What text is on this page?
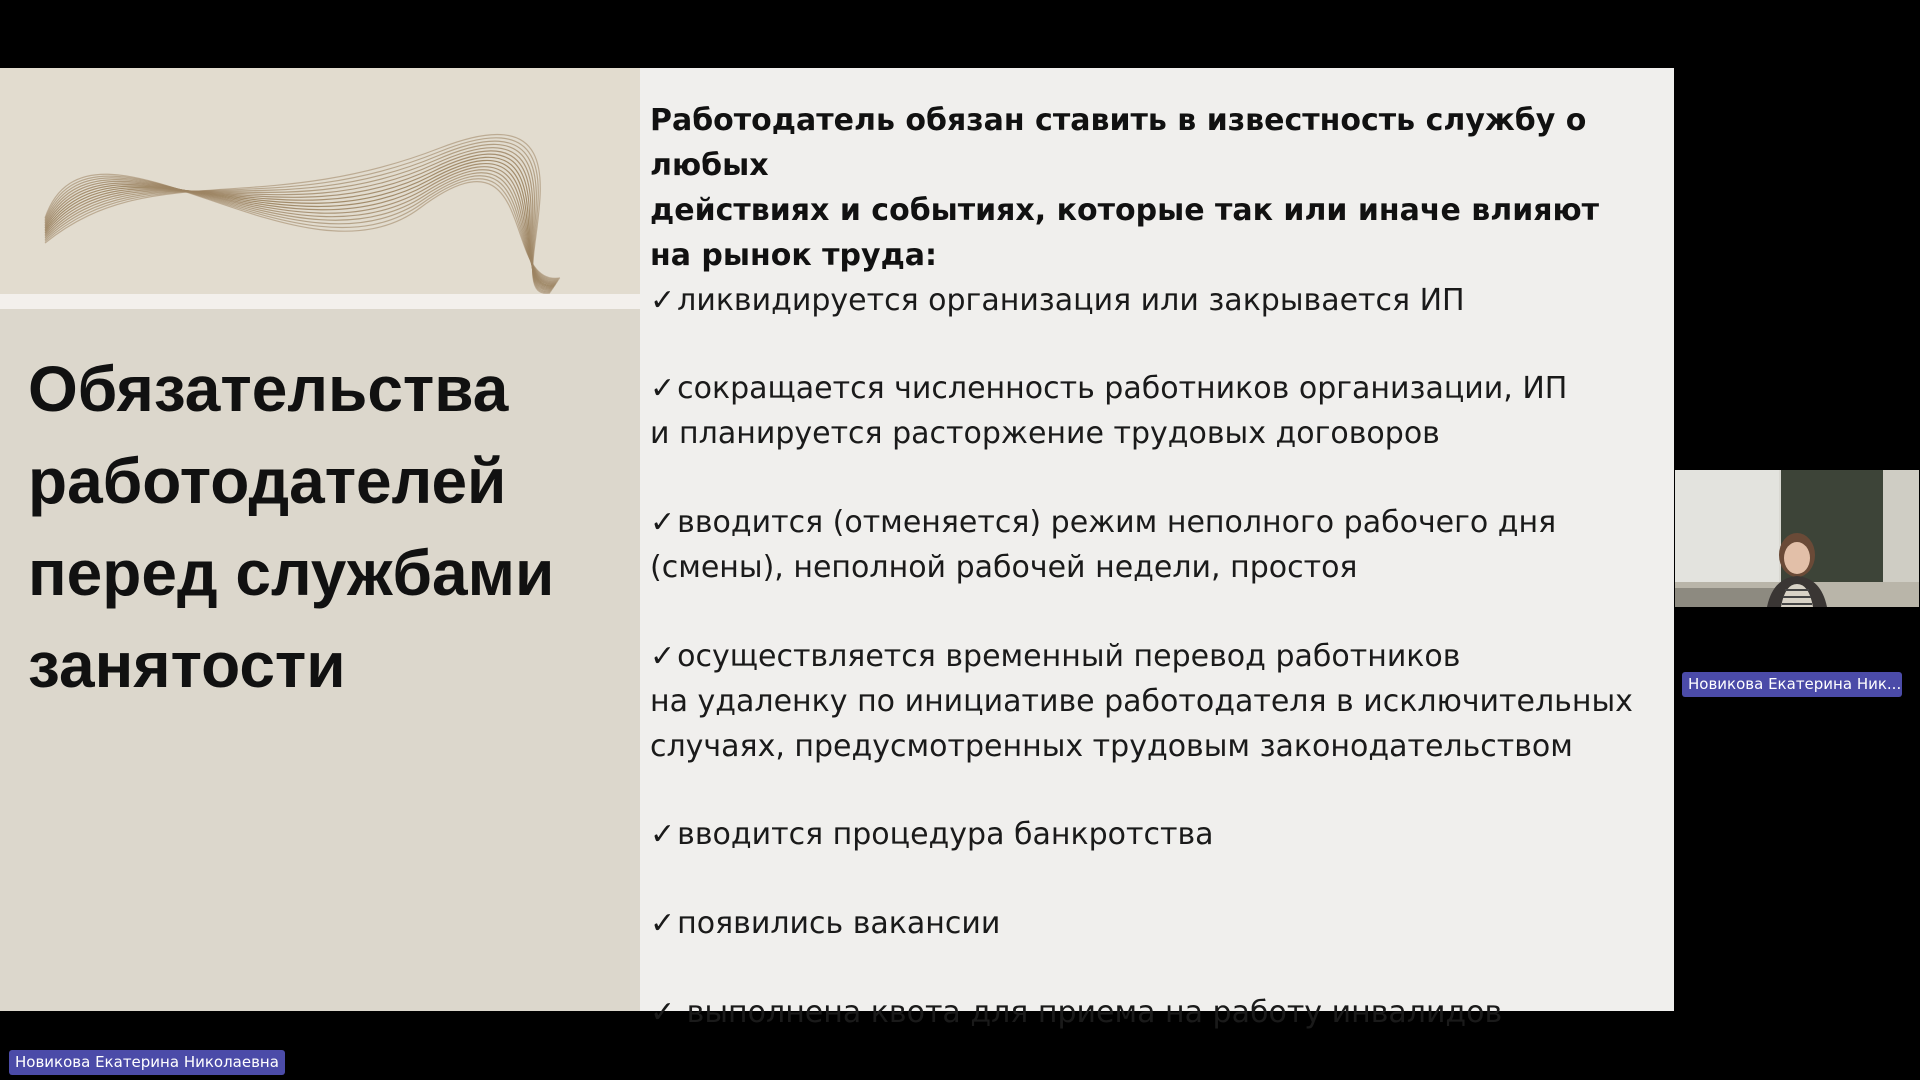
Обязательства работодателей перед службами занятости

Работодатель обязан ставить в известность службу о любых
действиях и событиях, которые так или иначе влияют
на рынок труда:

✓ликвидируется организация или закрывается ИП

✓сокращается численность работников организации, ИП
и планируется расторжение трудовых договоров

✓вводится (отменяется) режим неполного рабочего дня
(смены), неполной рабочей недели, простоя

✓осуществляется временный перевод работников
на удаленку по инициативе работодателя в исключительных
случаях, предусмотренных трудовым законодательством

✓вводится процедура банкротства

✓появились вакансии

✓ выполнена квота для приема на работу инвалидов

Новикова Екатерина Ник...
Новикова Екатерина Николаевна
